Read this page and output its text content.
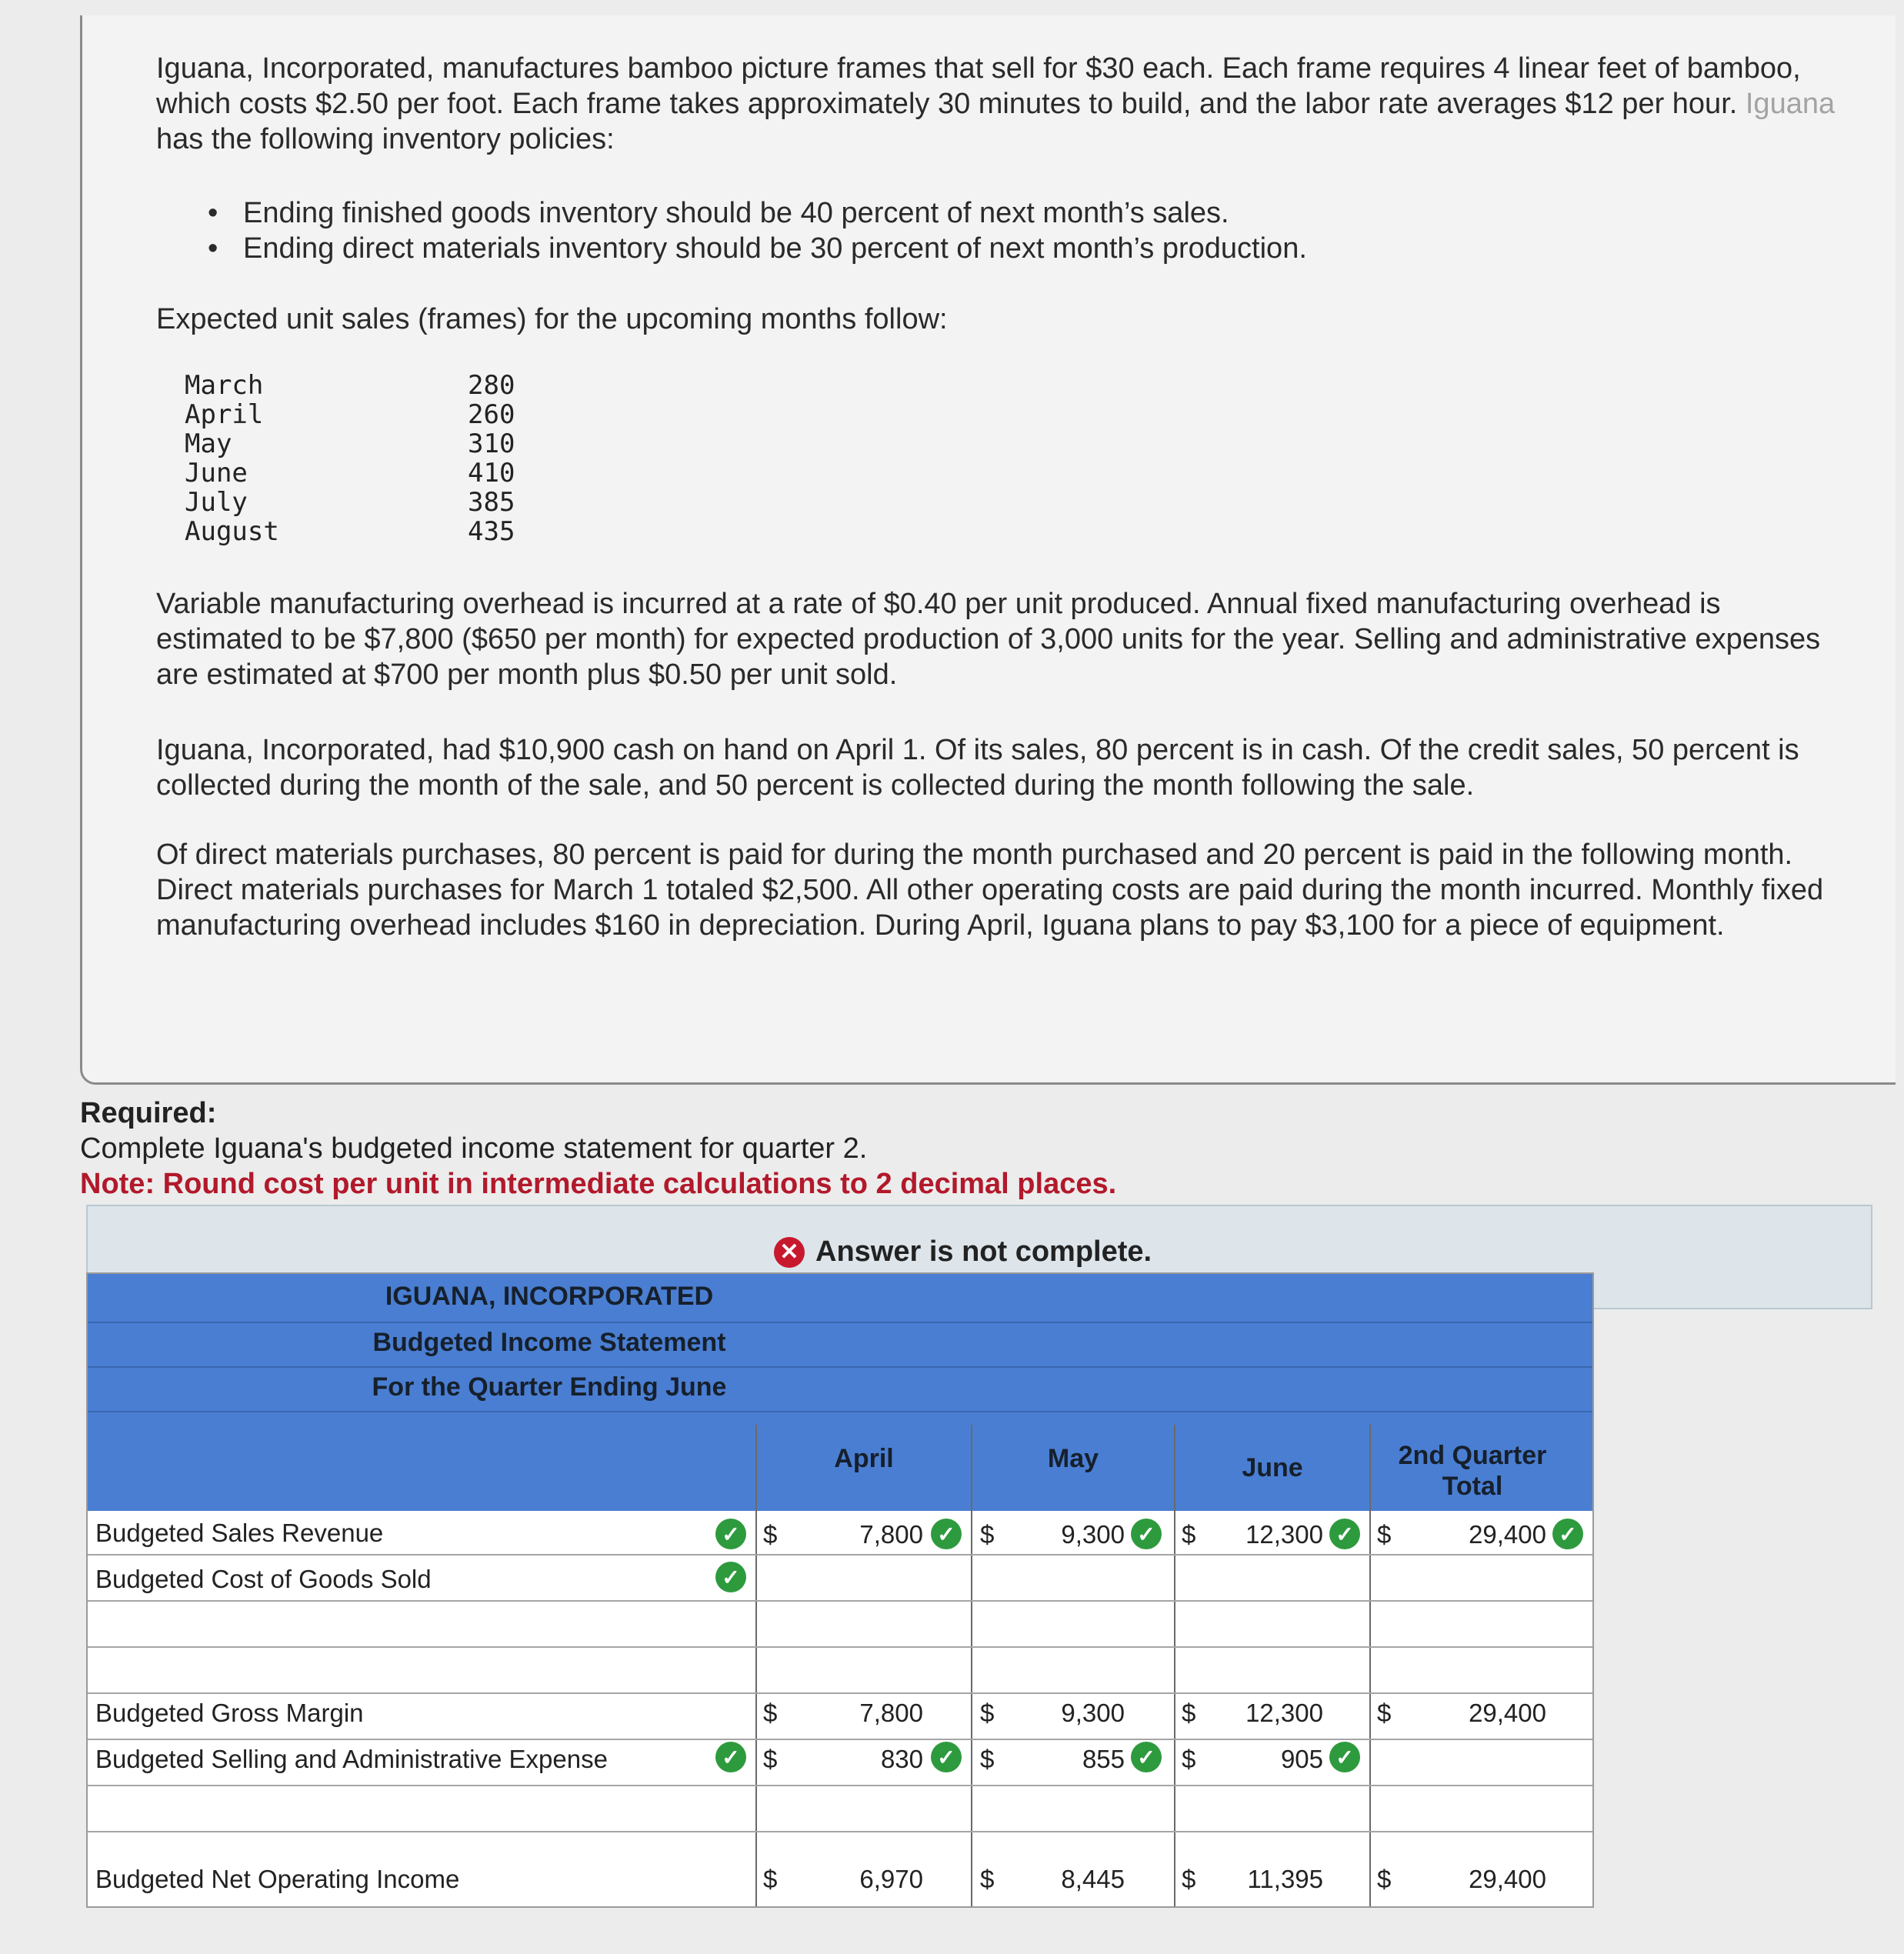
Iguana, Incorporated, manufactures bamboo picture frames that sell for $30 each. Each frame requires 4 linear feet of bamboo, which costs $2.50 per foot. Each frame takes approximately 30 minutes to build, and the labor rate averages $12 per hour. Iguana has the following inventory policies:
• Ending finished goods inventory should be 40 percent of next month’s sales.
• Ending direct materials inventory should be 30 percent of next month’s production.
Expected unit sales (frames) for the upcoming months follow:
March	280
April	260
May	310
June	410
July	385
August	435
Variable manufacturing overhead is incurred at a rate of $0.40 per unit produced. Annual fixed manufacturing overhead is estimated to be $7,800 ($650 per month) for expected production of 3,000 units for the year. Selling and administrative expenses are estimated at $700 per month plus $0.50 per unit sold.
Iguana, Incorporated, had $10,900 cash on hand on April 1. Of its sales, 80 percent is in cash. Of the credit sales, 50 percent is collected during the month of the sale, and 50 percent is collected during the month following the sale.
Of direct materials purchases, 80 percent is paid for during the month purchased and 20 percent is paid in the following month. Direct materials purchases for March 1 totaled $2,500. All other operating costs are paid during the month incurred. Monthly fixed manufacturing overhead includes $160 in depreciation. During April, Iguana plans to pay $3,100 for a piece of equipment.
Required:
Complete Iguana's budgeted income statement for quarter 2.
Note: Round cost per unit in intermediate calculations to 2 decimal places.
✕ Answer is not complete.
IGUANA, INCORPORATED
Budgeted Income Statement
For the Quarter Ending June
April	May	June	2nd Quarter Total
Budgeted Sales Revenue	✓ $	7,800 ✓ $	9,300 ✓ $	12,300 ✓ $	29,400 ✓
Budgeted Cost of Goods Sold	✓
Budgeted Gross Margin	$	7,800 $	9,300 $	12,300 $	29,400
Budgeted Selling and Administrative Expense	✓ $	830 ✓ $	855 ✓ $	905 ✓
Budgeted Net Operating Income	$	6,970 $	8,445 $	11,395 $	29,400
